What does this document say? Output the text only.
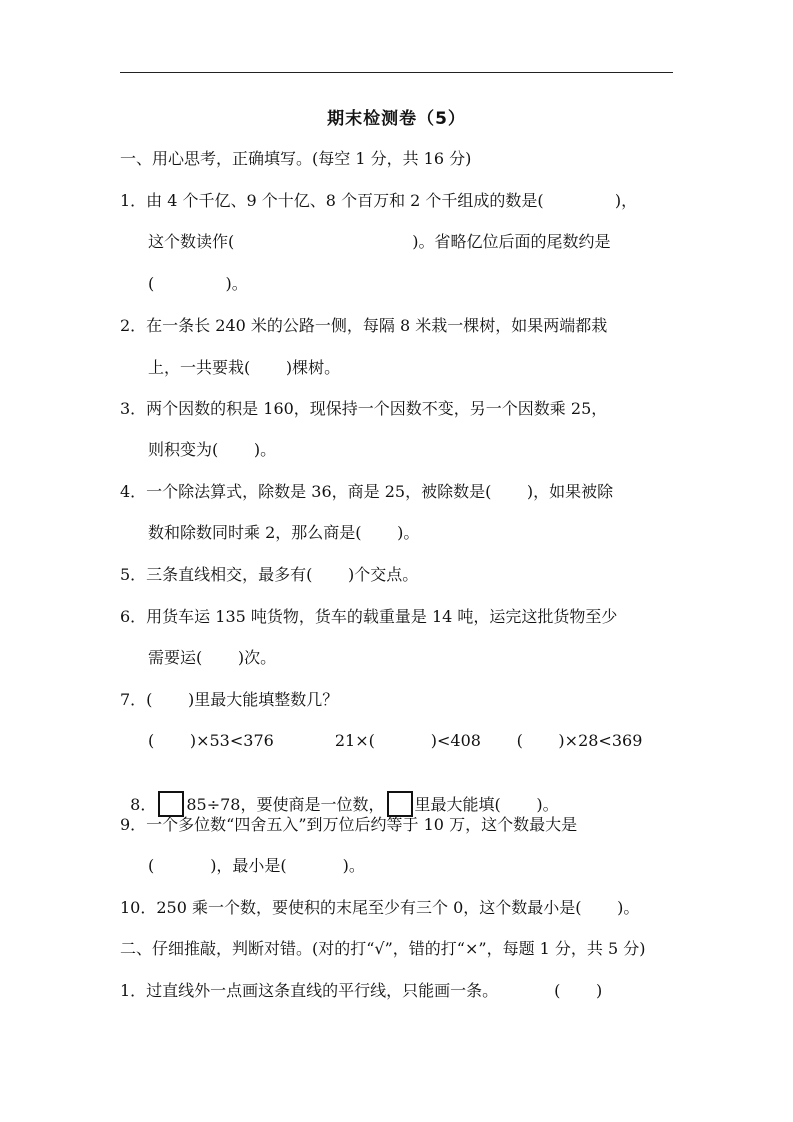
期末检测卷（5）
一、用心思考，正确填写。(每空 1 分，共 16 分)
1．由 4 个千亿、9 个十亿、8 个百万和 2 个千组成的数是(              )，
这个数读作(                                   )。省略亿位后面的尾数约是
(              )。
2．在一条长 240 米的公路一侧，每隔 8 米栽一棵树，如果两端都栽
上，一共要栽(       )棵树。
3．两个因数的积是 160，现保持一个因数不变，另一个因数乘 25，
则积变为(       )。
4．一个除法算式，除数是 36，商是 25，被除数是(       )，如果被除
数和除数同时乘 2，那么商是(       )。
5．三条直线相交，最多有(       )个交点。
6．用货车运 135 吨货物，货车的载重量是 14 吨，运完这批货物至少
需要运(       )次。
7．(       )里最大能填整数几？
(       )×53<376            21×(           )<408       (       )×28<369

8． 85÷78，要使商是一位数， 里最大能填(       )。

9．一个多位数“四舍五入”到万位后约等于 10 万，这个数最大是
(           )，最小是(           )。
10．250 乘一个数，要使积的末尾至少有三个 0，这个数最小是(       )。
二、仔细推敲，判断对错。(对的打“√”，错的打“×”，每题 1 分，共 5 分)
1．过直线外一点画这条直线的平行线，只能画一条。           (       )
